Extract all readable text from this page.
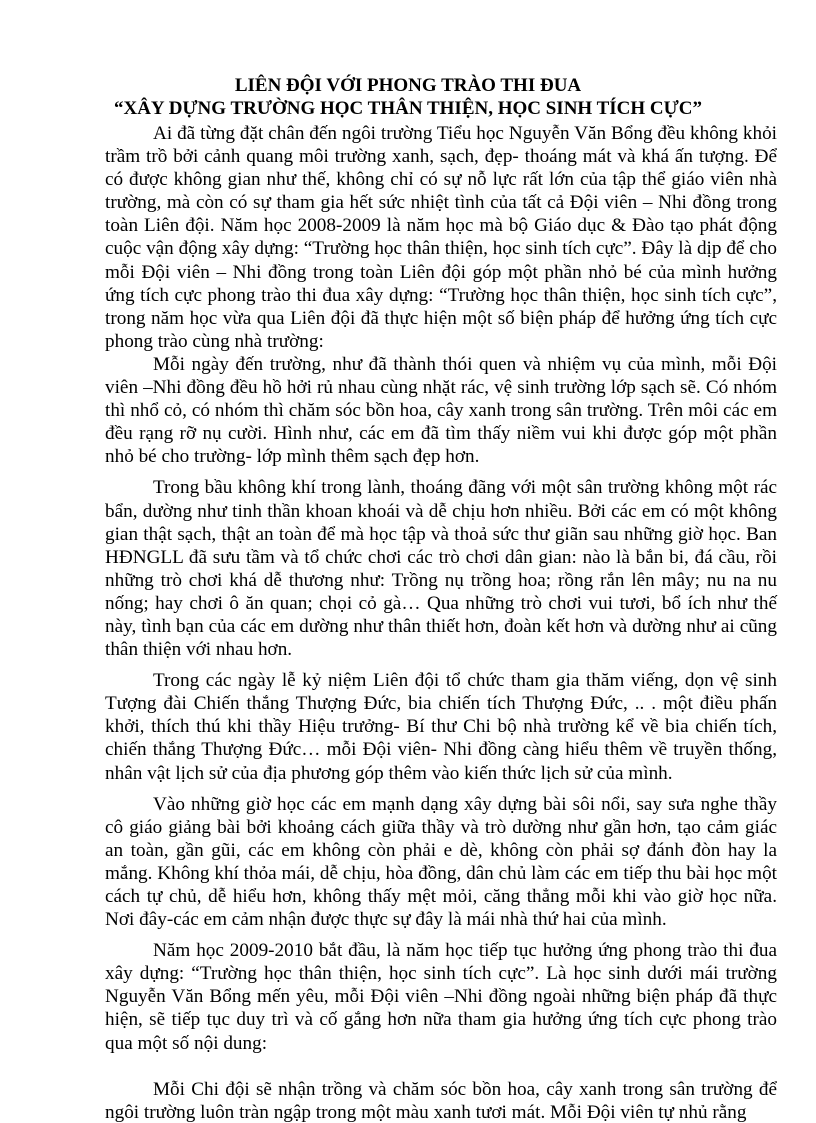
LIÊN ĐỘI VỚI PHONG TRÀO THI ĐUA
“XÂY DỰNG TRƯỜNG HỌC THÂN THIỆN, HỌC SINH TÍCH CỰC”

Ai đã từng đặt chân đến ngôi trường Tiểu học Nguyễn Văn Bổng đều không khỏi trầm trồ bởi cảnh quang môi trường xanh, sạch, đẹp- thoáng mát và khá ấn tượng. Để có được không gian như thế, không chỉ có sự nỗ lực rất lớn của tập thể giáo viên nhà trường, mà còn có sự tham gia hết sức nhiệt tình của tất cả Đội viên – Nhi đồng trong toàn Liên đội. Năm học 2008-2009 là năm học mà bộ Giáo dục & Đào tạo phát động cuộc vận động xây dựng: “Trường học thân thiện, học sinh tích cực”. Đây là dịp để cho mỗi Đội viên – Nhi đồng trong toàn Liên đội góp một phần nhỏ bé của mình hưởng ứng tích cực phong trào thi đua xây dựng: “Trường học thân thiện, học sinh tích cực”, trong năm học vừa qua Liên đội đã thực hiện một số biện pháp để hưởng ứng tích cực phong trào cùng nhà trường:

Mỗi ngày đến trường, như đã thành thói quen và nhiệm vụ của mình, mỗi Đội viên –Nhi đồng đều hồ hởi rủ nhau cùng nhặt rác, vệ sinh trường lớp sạch sẽ. Có nhóm thì nhổ cỏ, có nhóm thì chăm sóc bồn hoa, cây xanh trong sân trường. Trên môi các em đều rạng rỡ nụ cười. Hình như, các em đã tìm thấy niềm vui khi được góp một phần nhỏ bé cho trường- lớp mình thêm sạch đẹp hơn.

Trong bầu không khí trong lành, thoáng đãng với một sân trường không một rác bẩn, dường như tinh thần khoan khoái và dễ chịu hơn nhiều. Bởi các em có một không gian thật sạch, thật an toàn để mà học tập và thoả sức thư giãn sau những giờ học. Ban HĐNGLL đã sưu tầm và tổ chức chơi các trò chơi dân gian: nào là bắn bi, đá cầu, rồi những trò chơi khá dễ thương như: Trồng nụ trồng hoa; rồng rắn lên mây; nu na nu nống; hay chơi ô ăn quan; chọi cỏ gà… Qua những trò chơi vui tươi, bổ ích như thế này, tình bạn của các em dường như thân thiết hơn, đoàn kết hơn và dường như ai cũng thân thiện với nhau hơn.

Trong các ngày lễ kỷ niệm Liên đội tổ chức tham gia thăm viếng, dọn vệ sinh Tượng đài Chiến thắng Thượng Đức, bia chiến tích Thượng Đức, .. . một điều phấn khởi, thích thú khi thầy Hiệu trưởng- Bí thư Chi bộ nhà trường kể về bia chiến tích, chiến thắng Thượng Đức… mỗi Đội viên- Nhi đồng càng hiểu thêm về truyền thống, nhân vật lịch sử của địa phương góp thêm vào kiến thức lịch sử của mình.

Vào những giờ học các em mạnh dạng xây dựng bài sôi nổi, say sưa nghe thầy cô giáo giảng bài bởi khoảng cách giữa thầy và trò dường như gần hơn, tạo cảm giác an toàn, gần gũi, các em không còn phải e dè, không còn phải sợ đánh đòn hay la mắng. Không khí thỏa mái, dễ chịu, hòa đồng, dân chủ làm các em tiếp thu bài học một cách tự chủ, dễ hiểu hơn, không thấy mệt mỏi, căng thẳng mỗi khi vào giờ học nữa. Nơi đây-các em cảm nhận được thực sự đây là mái nhà thứ hai của mình.

Năm học 2009-2010 bắt đầu, là năm học tiếp tục hưởng ứng phong trào thi đua xây dựng: “Trường học thân thiện, học sinh tích cực”. Là học sinh dưới mái trường Nguyễn Văn Bổng mến yêu, mỗi Đội viên –Nhi đồng ngoài những biện pháp đã thực hiện, sẽ tiếp tục duy trì và cố gắng hơn nữa tham gia hưởng ứng tích cực phong trào qua một số nội dung:

Mỗi Chi đội sẽ nhận trồng và chăm sóc bồn hoa, cây xanh trong sân trường để ngôi trường luôn tràn ngập trong một màu xanh tươi mát. Mỗi Đội viên tự nhủ rằng
